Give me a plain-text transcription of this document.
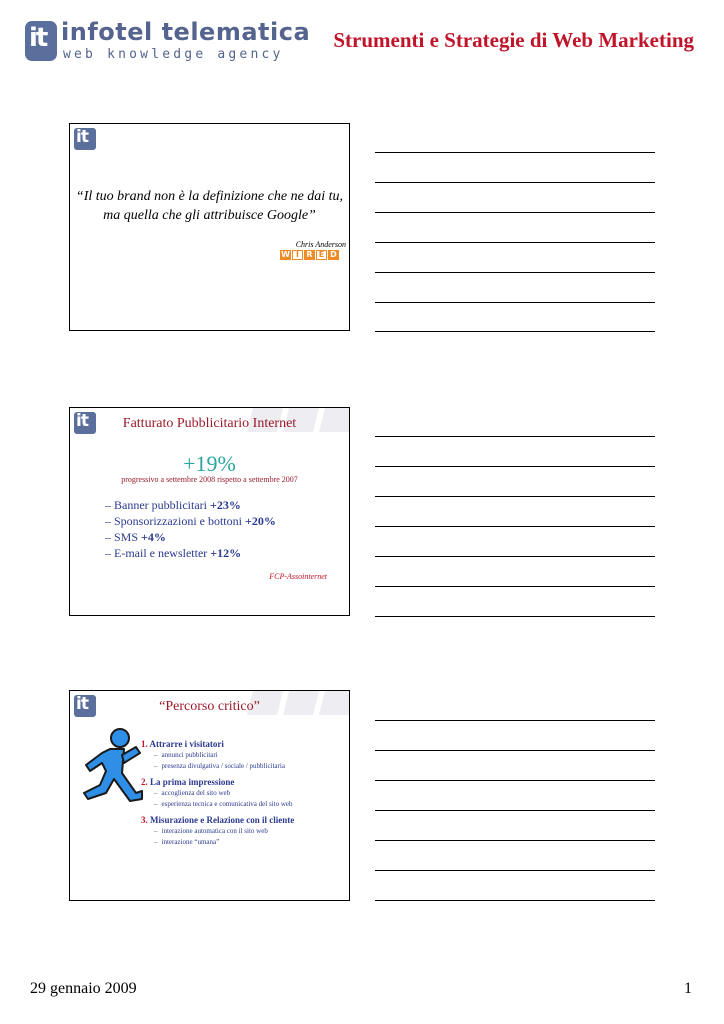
it infotel telematica
web knowledge agency
Strumenti e Strategie di Web Marketing
it
“Il tuo brand non è la definizione che ne dai tu,
ma quella che gli attribuisce Google”
Chris Anderson
W I R E D
it	Fatturato Pubblicitario Internet
+19%
progressivo a settembre 2008 rispetto a settembre 2007
– Banner pubblicitari +23%
– Sponsorizzazioni e bottoni +20%
– SMS +4%
– E-mail e newsletter +12%
FCP-Assointernet
it	“Percorso critico”
1. Attrarre i visitatori
– annunci pubblicitari
– presenza divulgativa / sociale / pubblicitaria
2. La prima impressione
– accoglienza del sito web
– esperienza tecnica e comunicativa del sito web
3. Misurazione e Relazione con il cliente
– interazione automatica con il sito web
– interazione “umana”
29 gennaio 2009	1
